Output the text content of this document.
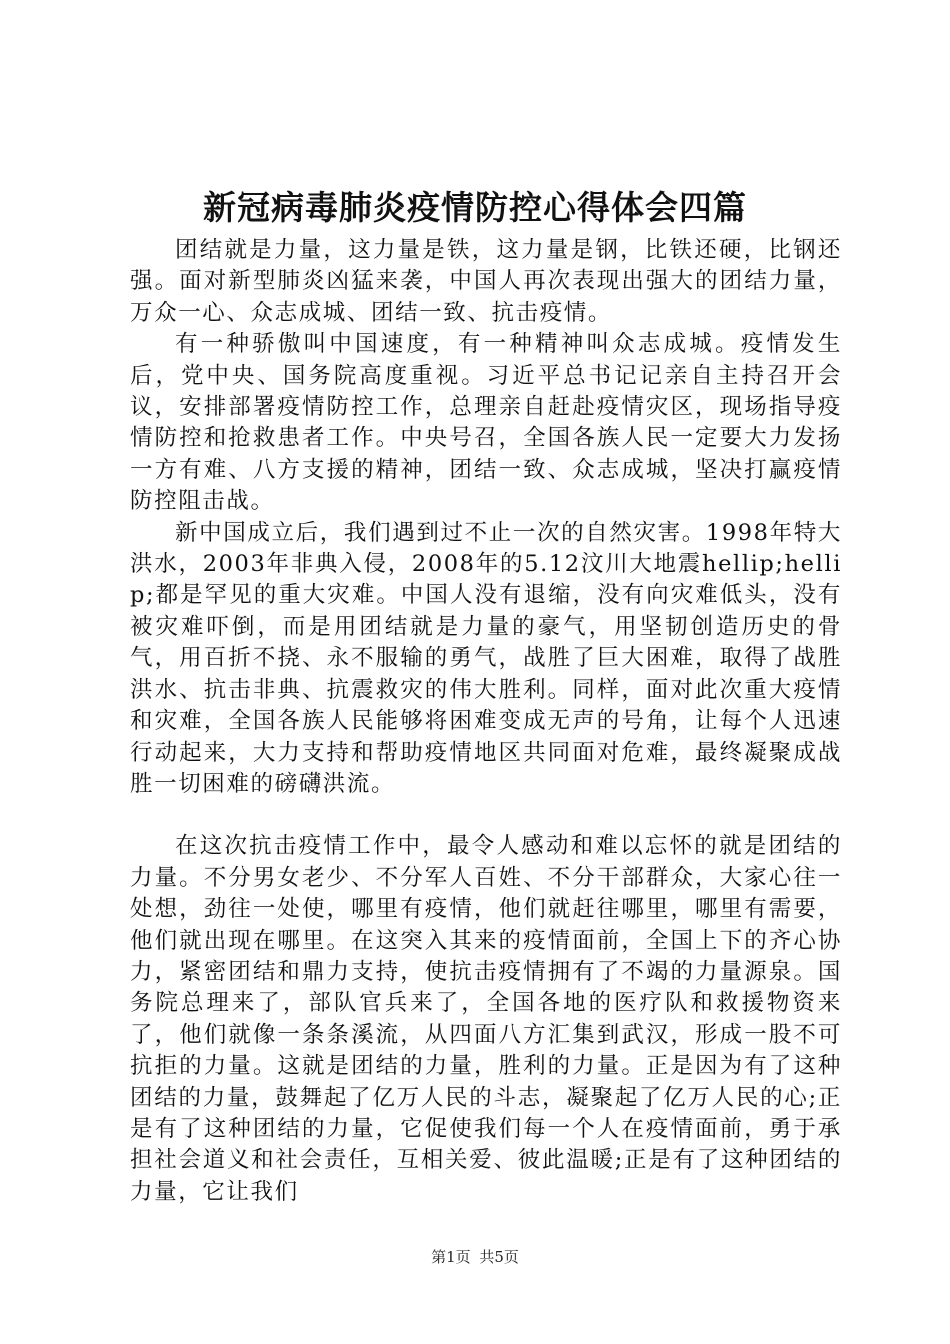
新冠病毒肺炎疫情防控心得体会四篇

团结就是力量，这力量是铁，这力量是钢，比铁还硬，比钢还强。面对新型肺炎凶猛来袭，中国人再次表现出强大的团结力量，万众一心、众志成城、团结一致、抗击疫情。

有一种骄傲叫中国速度，有一种精神叫众志成城。疫情发生后，党中央、国务院高度重视。习近平总书记记亲自主持召开会议，安排部署疫情防控工作，总理亲自赶赴疫情灾区，现场指导疫情防控和抢救患者工作。中央号召，全国各族人民一定要大力发扬一方有难、八方支援的精神，团结一致、众志成城，坚决打赢疫情防控阻击战。

新中国成立后，我们遇到过不止一次的自然灾害。1998年特大洪水，2003年非典入侵，2008年的5.12汶川大地震hellip;hellip;都是罕见的重大灾难。中国人没有退缩，没有向灾难低头，没有被灾难吓倒，而是用团结就是力量的豪气，用坚韧创造历史的骨气，用百折不挠、永不服输的勇气，战胜了巨大困难，取得了战胜洪水、抗击非典、抗震救灾的伟大胜利。同样，面对此次重大疫情和灾难，全国各族人民能够将困难变成无声的号角，让每个人迅速行动起来，大力支持和帮助疫情地区共同面对危难，最终凝聚成战胜一切困难的磅礴洪流。

在这次抗击疫情工作中，最令人感动和难以忘怀的就是团结的力量。不分男女老少、不分军人百姓、不分干部群众，大家心往一处想，劲往一处使，哪里有疫情，他们就赶往哪里，哪里有需要，他们就出现在哪里。在这突入其来的疫情面前，全国上下的齐心协力，紧密团结和鼎力支持，使抗击疫情拥有了不竭的力量源泉。国务院总理来了，部队官兵来了，全国各地的医疗队和救援物资来了，他们就像一条条溪流，从四面八方汇集到武汉，形成一股不可抗拒的力量。这就是团结的力量，胜利的力量。正是因为有了这种团结的力量，鼓舞起了亿万人民的斗志，凝聚起了亿万人民的心;正是有了这种团结的力量，它促使我们每一个人在疫情面前，勇于承担社会道义和社会责任，互相关爱、彼此温暖;正是有了这种团结的力量，它让我们

第1页 共5页
